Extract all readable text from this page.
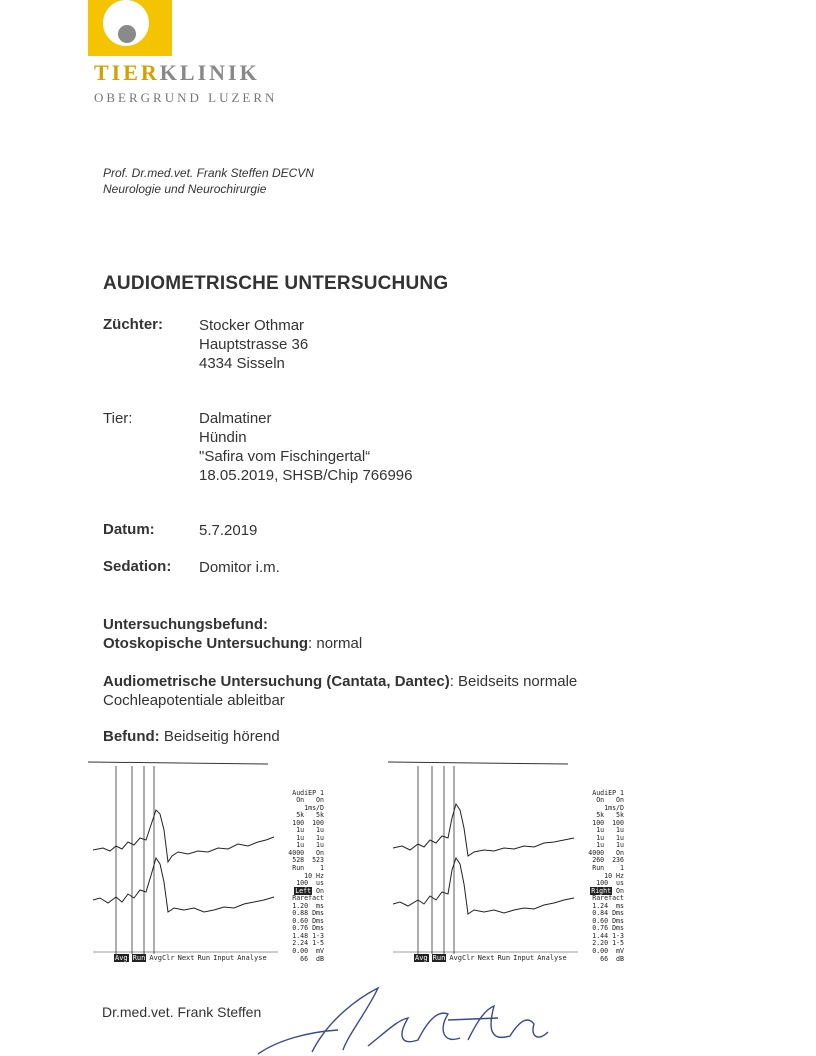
TIERKLINIK
OBERGRUND LUZERN
Prof. Dr.med.vet. Frank Steffen DECVN
Neurologie und Neurochirurgie
AUDIOMETRISCHE UNTERSUCHUNG
Züchter: Stocker Othmar
Hauptstrasse 36
4334 Sisseln
Tier:	Dalmatiner
Hündin
"Safira vom Fischingertal“
18.05.2019, SHSB/Chip 766996
Datum:	5.7.2019
Sedation: Domitor i.m.
Untersuchungsbefund:
Otoskopische Untersuchung: normal
Audiometrische Untersuchung (Cantata, Dantec): Beidseits normale
Cochleapotentiale ableitbar
Befund: Beidseitig hörend

AudiEP 1
On   On
1ms/D
5k   5k
100  100
1u   1u
1u   1u
1u   1u
4000   On
528  523
Run    1
10 Hz
100  us
Left On
Rarefact
1.20  ms
0.88 Dms
0.60 Dms
0.76 Dms
1.48 1-3
2.24 1-5
0.00  mV
66  dB

Avg Run AvgClr Next Run Input Analyse

AudiEP 1
On   On
1ms/D
5k   5k
100  100
1u   1u
1u   1u
1u   1u
4000   On
260  236
Run    1
10 Hz
100  us
Right On
Rarefact
1.24  ms
0.84 Dms
0.60 Dms
0.76 Dms
1.44 1-3
2.20 1-5
0.00  mV
66  dB

Avg Run AvgClr Next Run Input Analyse
Dr.med.vet. Frank Steffen
